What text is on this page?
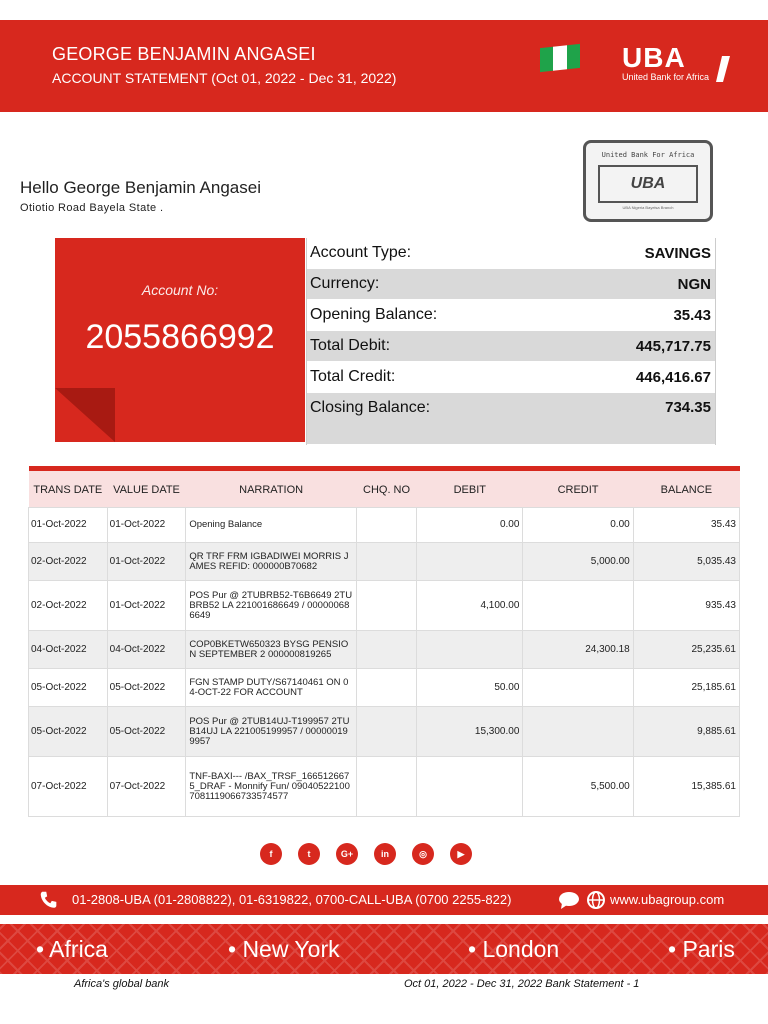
GEORGE BENJAMIN ANGASEI
ACCOUNT STATEMENT (Oct 01, 2022 - Dec 31, 2022)
UBA
United Bank for Africa
United Bank For Africa
UBA
UBA Nigeria Bayelsa Branch
Hello George Benjamin Angasei
Otiotio Road Bayela State .
Account No:
2055866992
Account Type:	SAVINGS
Currency:	NGN
Opening Balance:	35.43
Total Debit:	445,717.75
Total Credit:	446,416.67
Closing Balance:	734.35
TRANS DATE	VALUE DATE	NARRATION	CHQ. NO	DEBIT	CREDIT	BALANCE
01-Oct-2022	01-Oct-2022	Opening Balance		0.00	0.00	35.43
02-Oct-2022	01-Oct-2022	QR TRF FRM IGBADIWEI MORRIS JAMES REFID: 000000B70682			5,000.00	5,035.43
02-Oct-2022	01-Oct-2022	POS Pur @ 2TUBRB52-T6B6649 2TUBRB52 LA 221001686649 / 000000686649		4,100.00		935.43
04-Oct-2022	04-Oct-2022	COP0BKETW650323 BYSG PENSION SEPTEMBER 2 000000819265			24,300.18	25,235.61
05-Oct-2022	05-Oct-2022	FGN STAMP DUTY/S67140461 ON 04-OCT-22 FOR ACCOUNT		50.00		25,185.61
05-Oct-2022	05-Oct-2022	POS Pur @ 2TUB14UJ-T199957 2TUB14UJ LA 221005199957 / 000000199957		15,300.00		9,885.61
07-Oct-2022	07-Oct-2022	TNF-BAXI--- /BAX_TRSF_1665126675_DRAF - Monnify Fun/ 090405221007081119066733574577			5,500.00	15,385.61
f	t	G+	in	◎	▶
01-2808-UBA (01-2808822), 01-6319822, 0700-CALL-UBA (0700 2255-822)	www.ubagroup.com
• Africa	• New York	• London	• Paris
Africa's global bank	Oct 01, 2022 - Dec 31, 2022 Bank Statement - 1
